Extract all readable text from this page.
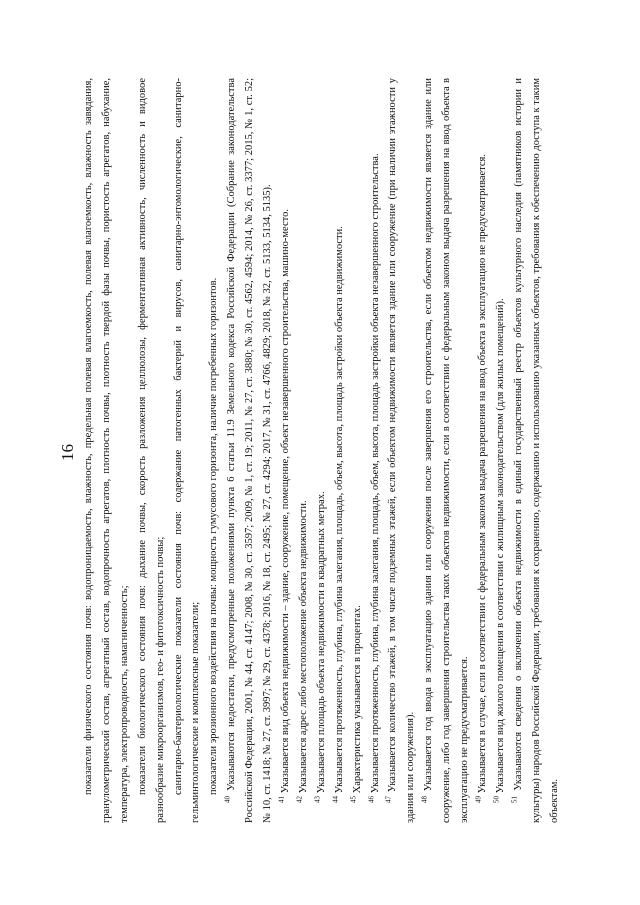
16 показатели физического состояния почв: водопроницаемость, влажность, предельная полевая влагоемкость, полевая влагоемкость, влажность завядания, гранулометрический состав, агрегатный состав, водопрочность агрегатов, плотность почвы, плотность твердой фазы почвы, пористость агрегатов, набухание, температура, электропроводность, намагниченность; показатели биологического состояния почв: дыхание почвы, скорость разложения целлюлозы, ферментативная активность, численность и видовое разнообразие микроорганизмов, гео- и фитотоксичность почвы; санитарно-бактериологические показатели состояния почв: содержание патогенных бактерий и вирусов, санитарно-энтомологические, санитарно-гельминтологические и комплексные показатели; показатели эрозионного воздействия на почвы: мощность гумусового горизонта, наличие погребенных горизонтов.

$^{40}$ Указываются недостатки, предусмотренные положениями пункта 6 статьи 11.9 Земельного кодекса Российской Федерации (Собрание законодательства Российской Федерации, 2001, № 44, ст. 4147; 2008, № 30, ст. 3597; 2009, № 1, ст. 19; 2011, № 27, ст. 3880; № 30, ст. 4562, 4594; 2014, № 26, ст. 3377; 2015, № 1, ст. 52; № 10, ст. 1418; № 27, ст. 3997; № 29, ст. 4378; 2016, № 18, ст. 2495; № 27, ст. 4294; 2017, № 31, ст. 4766, 4829; 2018, № 32, ст. 5133, 5134, 5135). $^{41}$ Указывается вид объекта недвижимости – здание, сооружение, помещение, объект незавершенного строительства, машино-место.

$^{42}$ Указывается адрес либо местоположение объекта недвижимости.

$^{43}$ Указывается площадь объекта недвижимости в квадратных метрах.

$^{44}$ Указывается протяженность, глубина, глубина залегания, площадь, объем, высота, площадь застройки объекта недвижимости.

$^{45}$ Характеристика указывается в процентах.

$^{46}$ Указывается протяженность, глубина, глубина залегания, площадь, объем, высота, площадь застройки объекта незавершенного строительства.

$^{47}$ Указывается количество этажей, в том числе подземных этажей, если объектом недвижимости является здание или сооружение (при наличии этажности у здания или сооружения). $^{48}$ Указывается год ввода в эксплуатацию здания или сооружения после завершения его строительства, если объектом недвижимости является здание или сооружение, либо год завершения строительства таких объектов недвижимости, если в соответствии с федеральным законом выдача разрешения на ввод объекта в эксплуатацию не предусматривается. $^{49}$ Указывается в случае, если в соответствии с федеральным законом выдача разрешения на ввод объекта в эксплуатацию не предусматривается.

$^{50}$ Указывается вид жилого помещения в соответствии с жилищным законодательством (для жилых помещений).

$^{51}$ Указываются сведения о включении объекта недвижимости в единый государственный реестр объектов культурного наследия (памятников истории и культуры) народов Российской Федерации, требования к сохранению, содержанию и использованию указанных объектов, требования к обеспечению доступа к таким объектам.
